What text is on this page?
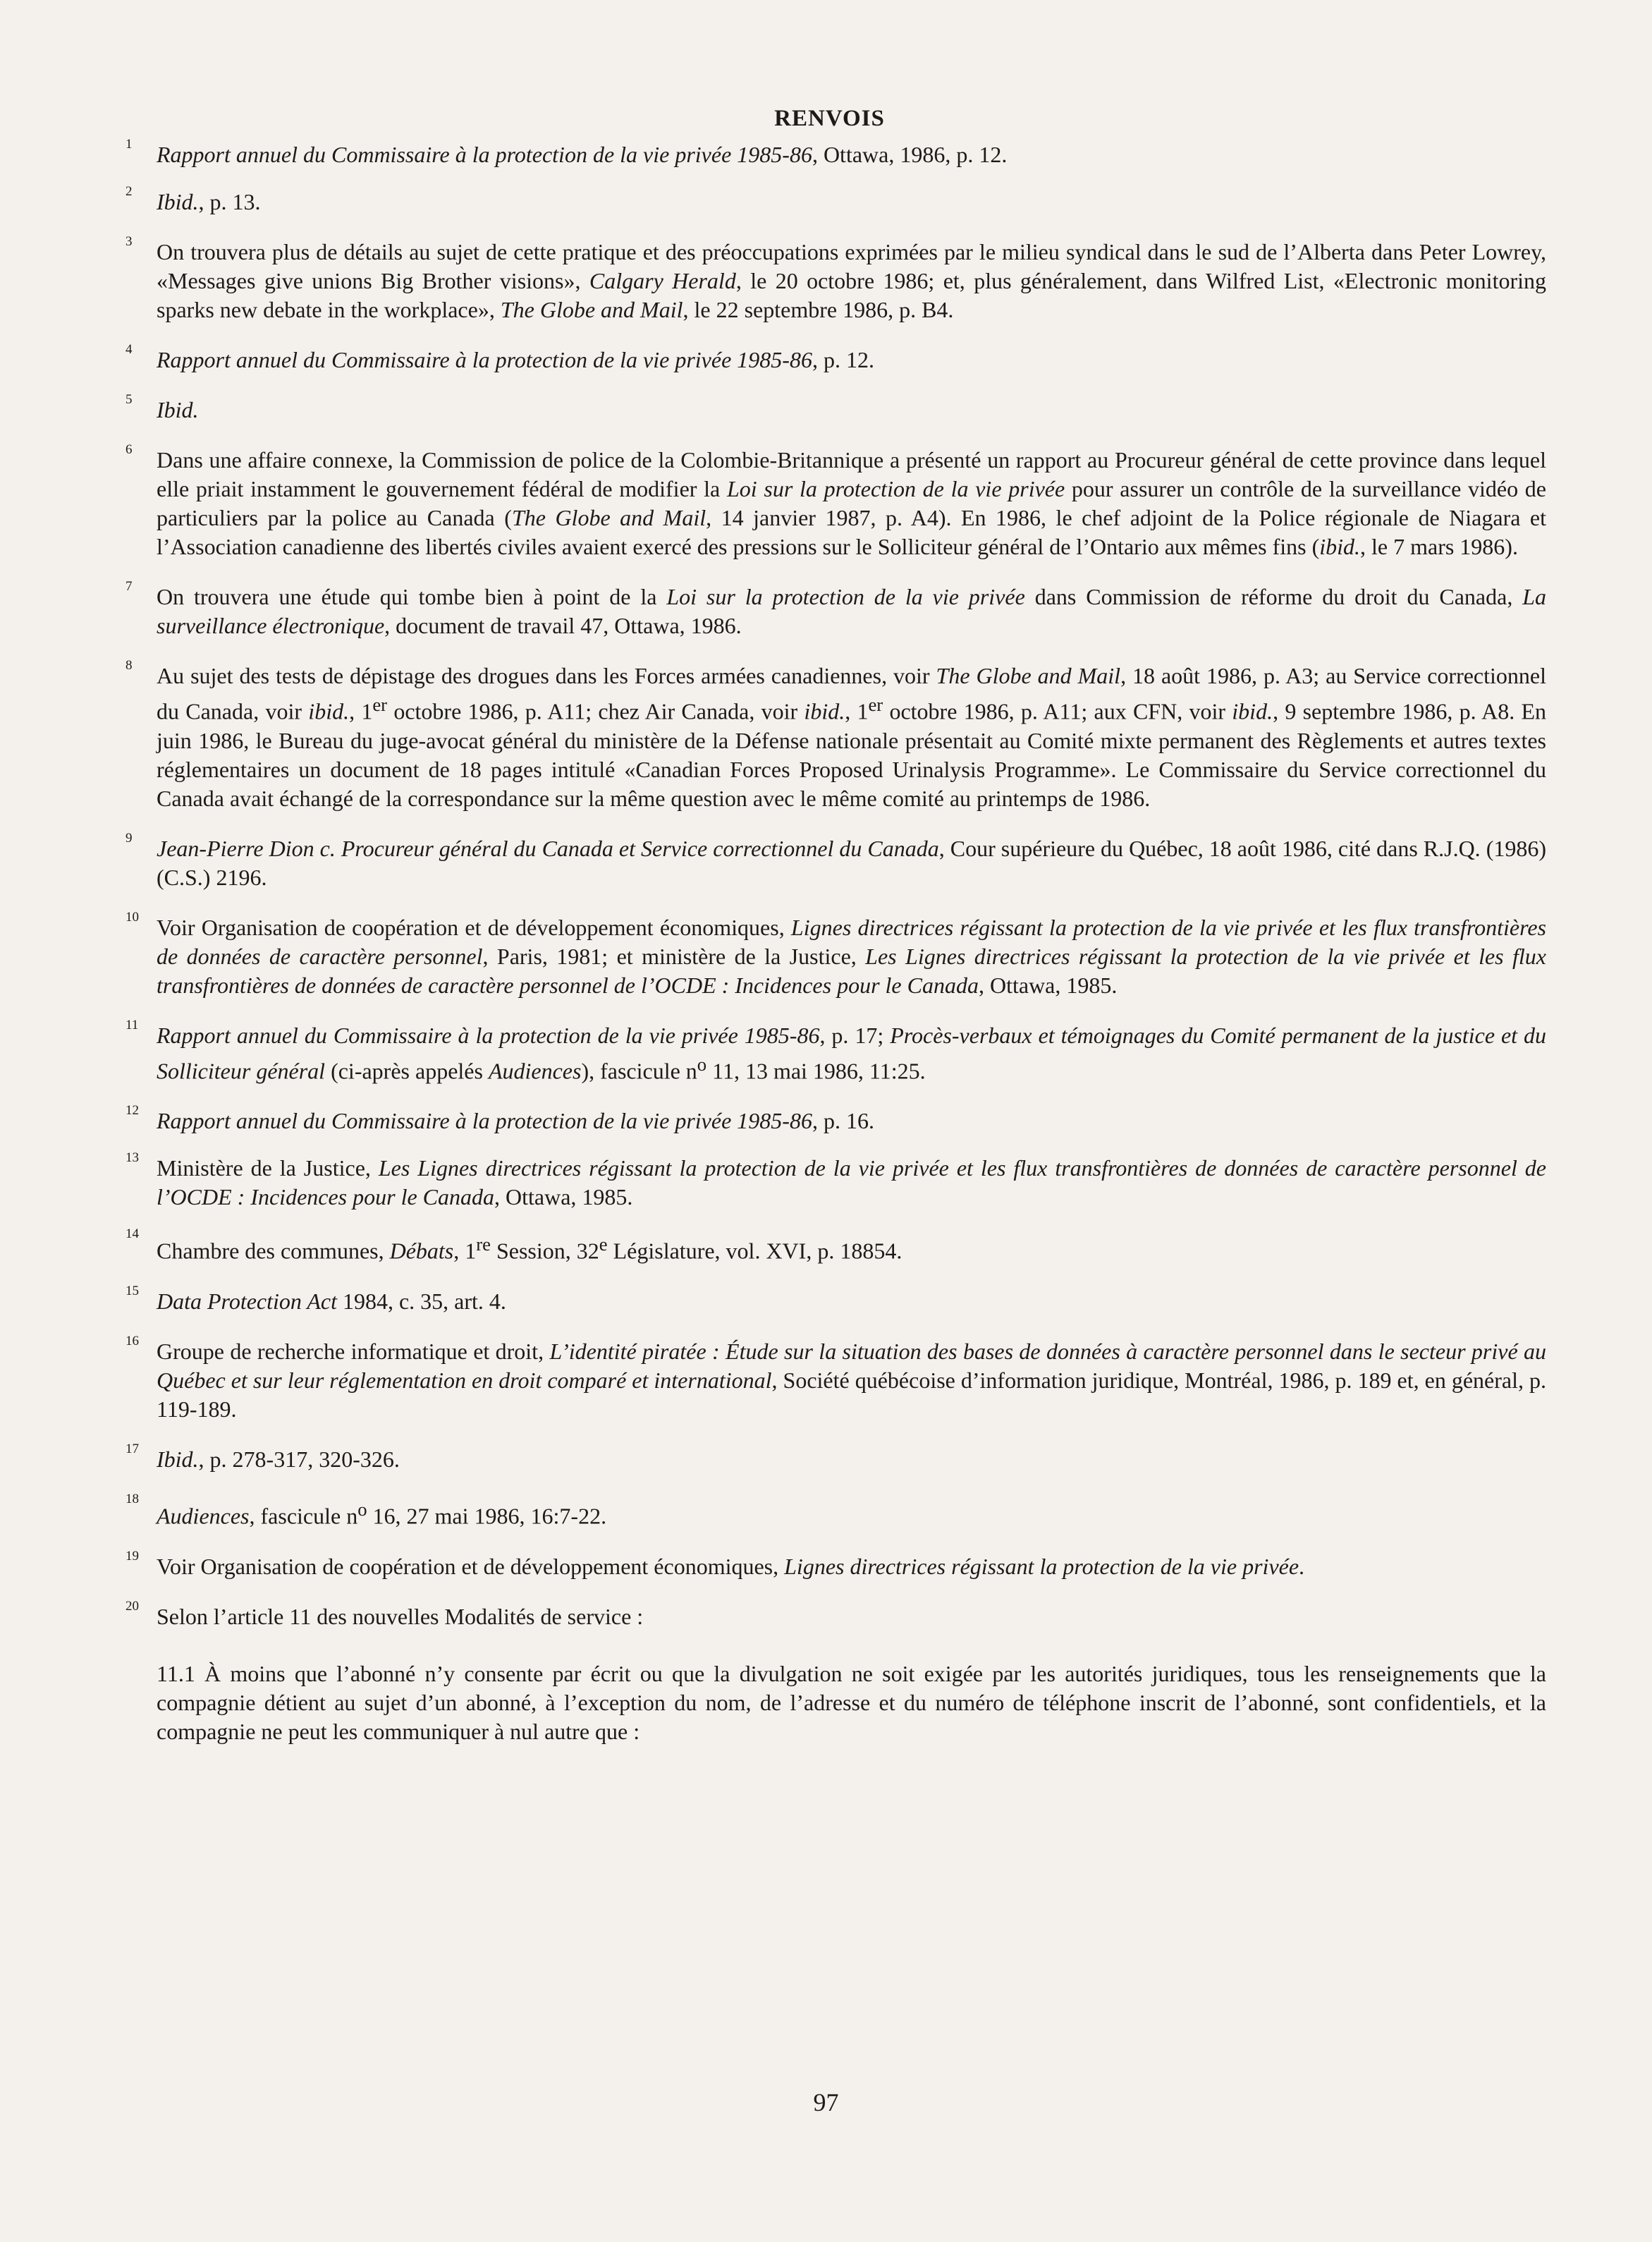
RENVOIS
1 Rapport annuel du Commissaire à la protection de la vie privée 1985-86, Ottawa, 1986, p. 12.
2 Ibid., p. 13.
3 On trouvera plus de détails au sujet de cette pratique et des préoccupations exprimées par le milieu syndical dans le sud de l’Alberta dans Peter Lowrey, «Messages give unions Big Brother visions», Calgary Herald, le 20 octobre 1986; et, plus généralement, dans Wilfred List, «Electronic monitoring sparks new debate in the workplace», The Globe and Mail, le 22 septembre 1986, p. B4.
4 Rapport annuel du Commissaire à la protection de la vie privée 1985-86, p. 12.
5 Ibid.
6 Dans une affaire connexe, la Commission de police de la Colombie-Britannique a présenté un rapport au Procureur général de cette province dans lequel elle priait instamment le gouvernement fédéral de modifier la Loi sur la protection de la vie privée pour assurer un contrôle de la surveillance vidéo de particuliers par la police au Canada (The Globe and Mail, 14 janvier 1987, p. A4). En 1986, le chef adjoint de la Police régionale de Niagara et l’Association canadienne des libertés civiles avaient exercé des pressions sur le Solliciteur général de l’Ontario aux mêmes fins (ibid., le 7 mars 1986).
7 On trouvera une étude qui tombe bien à point de la Loi sur la protection de la vie privée dans Commission de réforme du droit du Canada, La surveillance électronique, document de travail 47, Ottawa, 1986.
8 Au sujet des tests de dépistage des drogues dans les Forces armées canadiennes, voir The Globe and Mail, 18 août 1986, p. A3; au Service correctionnel du Canada, voir ibid., 1er octobre 1986, p. A11; chez Air Canada, voir ibid., 1er octobre 1986, p. A11; aux CFN, voir ibid., 9 septembre 1986, p. A8. En juin 1986, le Bureau du juge-avocat général du ministère de la Défense nationale présentait au Comité mixte permanent des Règlements et autres textes réglementaires un document de 18 pages intitulé «Canadian Forces Proposed Urinalysis Programme». Le Commissaire du Service correctionnel du Canada avait échangé de la correspondance sur la même question avec le même comité au printemps de 1986.
9 Jean-Pierre Dion c. Procureur général du Canada et Service correctionnel du Canada, Cour supérieure du Québec, 18 août 1986, cité dans R.J.Q. (1986) (C.S.) 2196.
10 Voir Organisation de coopération et de développement économiques, Lignes directrices régissant la protection de la vie privée et les flux transfrontières de données de caractère personnel, Paris, 1981; et ministère de la Justice, Les Lignes directrices régissant la protection de la vie privée et les flux transfrontières de données de caractère personnel de l’OCDE : Incidences pour le Canada, Ottawa, 1985.
11 Rapport annuel du Commissaire à la protection de la vie privée 1985-86, p. 17; Procès-verbaux et témoignages du Comité permanent de la justice et du Solliciteur général (ci-après appelés Audiences), fascicule $n^o$ 11, 13 mai 1986, 11:25.
12 Rapport annuel du Commissaire à la protection de la vie privée 1985-86, p. 16.
13 Ministère de la Justice, Les Lignes directrices régissant la protection de la vie privée et les flux transfrontières de données de caractère personnel de l’OCDE : Incidences pour le Canada, Ottawa, 1985.
14
Chambre des communes, Débats, 1re Session, 32e Législature, vol. XVI, p. 18854.
15 Data Protection Act 1984, c. 35, art. 4.
16 Groupe de recherche informatique et droit, L’identité piratée : Étude sur la situation des bases de données à caractère personnel dans le secteur privé au Québec et sur leur réglementation en droit comparé et international, Société québécoise d’information juridique, Montréal, 1986, p. 189 et, en général, p. 119-189.
17 Ibid., p. 278-317, 320-326.
18
Audiences, fascicule $n^o$ 16, 27 mai 1986, 16:7-22.
19 Voir Organisation de coopération et de développement économiques, Lignes directrices régissant la protection de la vie privée.
20 Selon l’article 11 des nouvelles Modalités de service :
11.1 À moins que l’abonné n’y consente par écrit ou que la divulgation ne soit exigée par les autorités juridiques, tous les renseignements que la compagnie détient au sujet d’un abonné, à l’exception du nom, de l’adresse et du numéro de téléphone inscrit de l’abonné, sont confidentiels, et la compagnie ne peut les communiquer à nul autre que :
97
